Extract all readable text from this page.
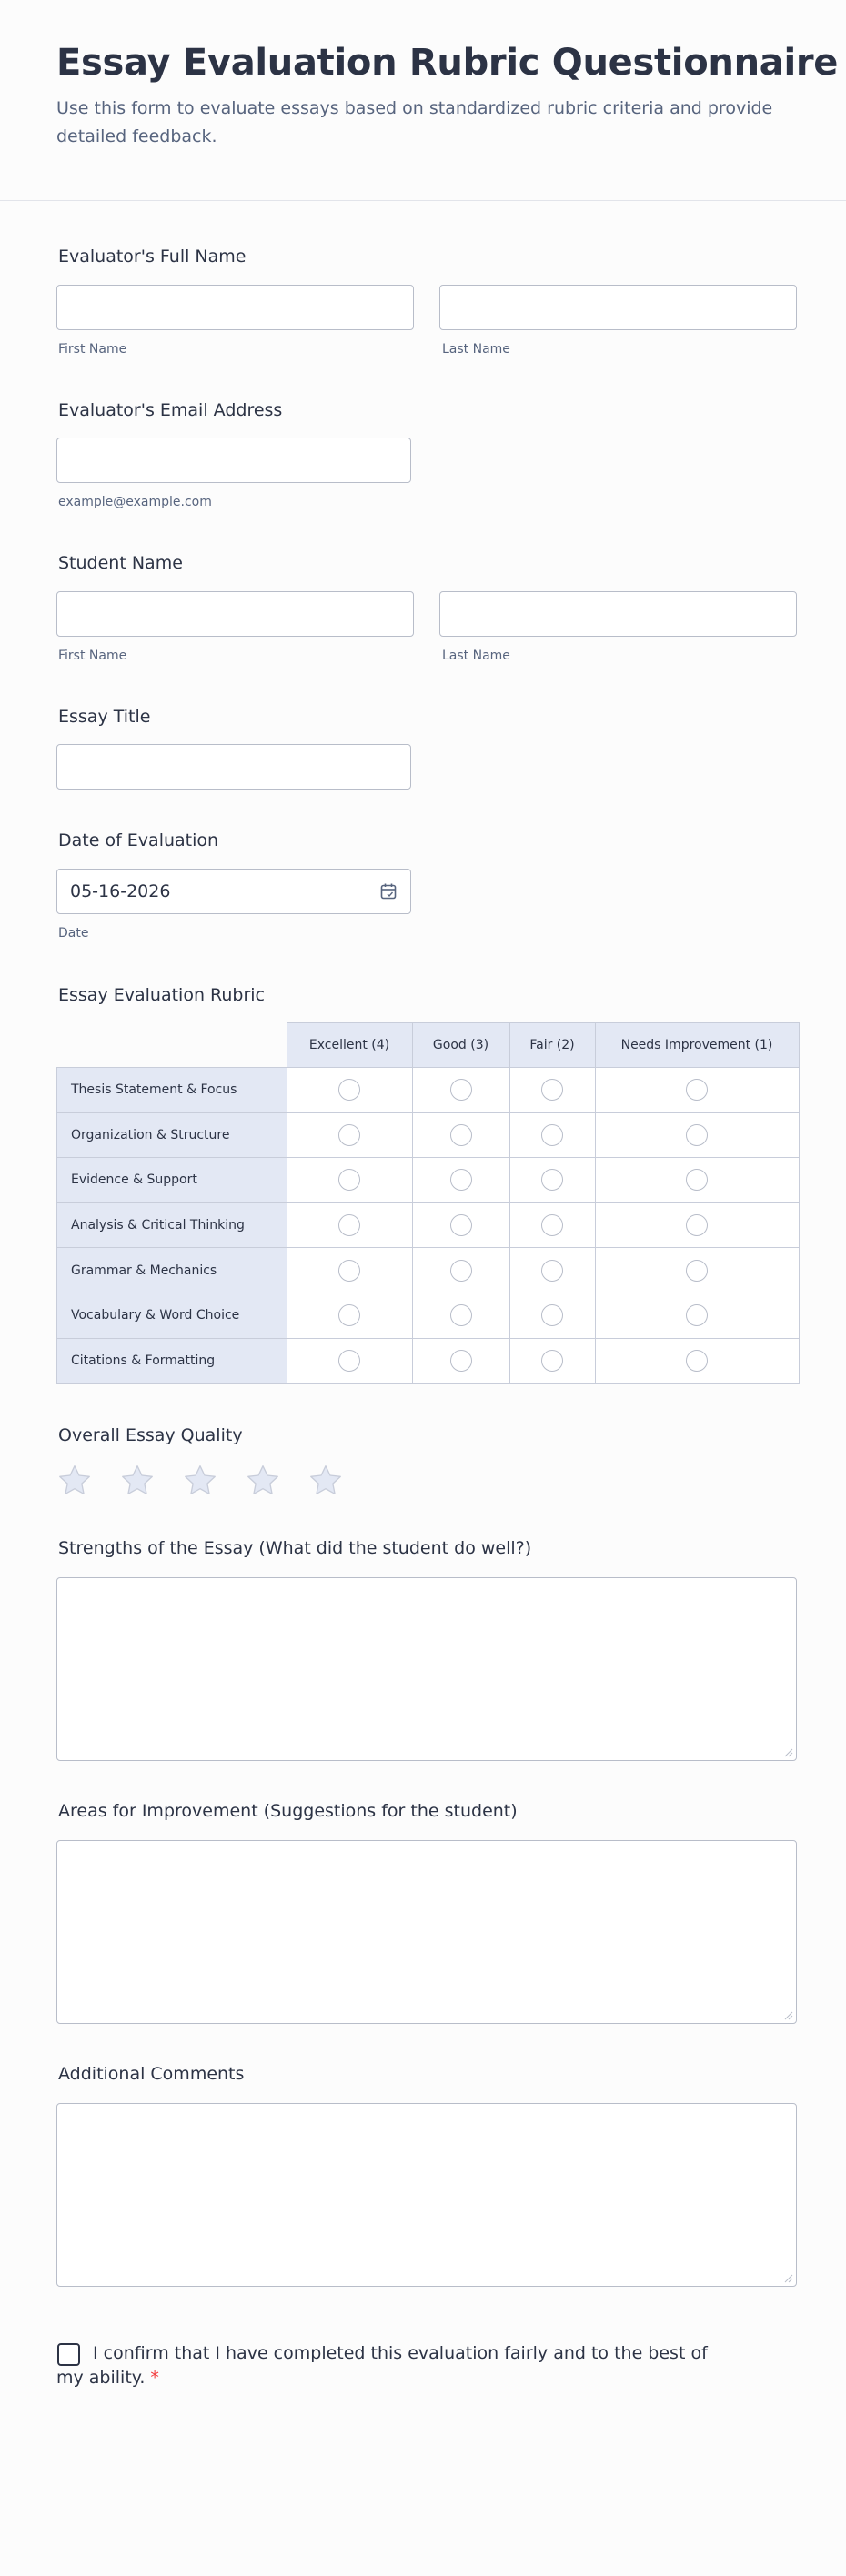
Essay Evaluation Rubric Questionnaire

Use this form to evaluate essays based on standardized rubric criteria and provide detailed feedback.

Evaluator's Full Name
First Name	Last Name
Evaluator's Email Address
example@example.com
Student Name
First Name	Last Name
Essay Title
Date of Evaluation
05-16-2026
Date
Essay Evaluation Rubric
	Excellent (4)	Good (3)	Fair (2)	Needs Improvement (1)
Thesis Statement & Focus				
Organization & Structure				
Evidence & Support				
Analysis & Critical Thinking				
Grammar & Mechanics				
Vocabulary & Word Choice				
Citations & Formatting				
Overall Essay Quality
Strengths of the Essay (What did the student do well?)
Areas for Improvement (Suggestions for the student)
Additional Comments
I confirm that I have completed this evaluation fairly and to the best of my ability. *
